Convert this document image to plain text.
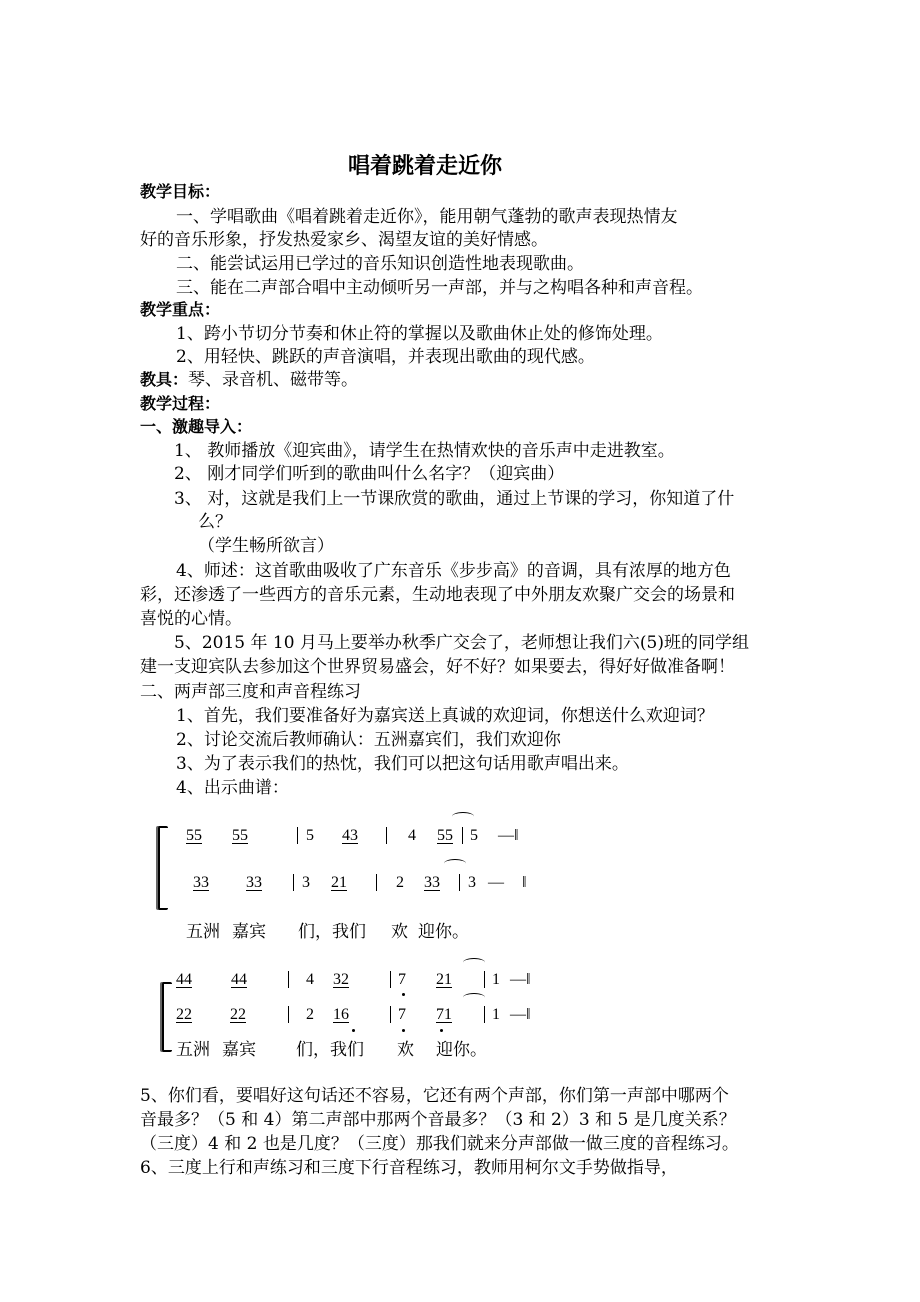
唱着跳着走近你
教学目标：
一、学唱歌曲《唱着跳着走近你》，能用朝气蓬勃的歌声表现热情友
好的音乐形象，抒发热爱家乡、渴望友谊的美好情感。
二、能尝试运用已学过的音乐知识创造性地表现歌曲。
三、能在二声部合唱中主动倾听另一声部，并与之构唱各种和声音程。
教学重点：
1、跨小节切分节奏和休止符的掌握以及歌曲休止处的修饰处理。
2、用轻快、跳跃的声音演唱，并表现出歌曲的现代感。
教具：琴、录音机、磁带等。
教学过程：
一、激趣导入：
1、 教师播放《迎宾曲》，请学生在热情欢快的音乐声中走进教室。
2、 刚才同学们听到的歌曲叫什么名字？（迎宾曲）
3、 对，这就是我们上一节课欣赏的歌曲，通过上节课的学习，你知道了什
么？
（学生畅所欲言）
4、师述：这首歌曲吸收了广东音乐《步步高》的音调，具有浓厚的地方色
彩，还渗透了一些西方的音乐元素，生动地表现了中外朋友欢聚广交会的场景和
喜悦的心情。
5、2015 年 10 月马上要举办秋季广交会了，老师想让我们六(5)班的同学组
建一支迎宾队去参加这个世界贸易盛会，好不好？如果要去，得好好做准备啊！
二、两声部三度和声音程练习
1、首先，我们要准备好为嘉宾送上真诚的欢迎词，你想送什么欢迎词？
2、讨论交流后教师确认：五洲嘉宾们，我们欢迎你
3、为了表示我们的热忱，我们可以把这句话用歌声唱出来。
4、出示曲谱：
55 55	5 43	4 55 5 —‖
33 33	3 21	2 33 3 — ‖
五洲 嘉宾 们，我们 欢 迎你。
44 44	4 32	7 21	1 —‖
22 22	2 16	7 71	1 —‖
五洲 嘉宾 们，我们 欢 迎你。
5、你们看，要唱好这句话还不容易，它还有两个声部，你们第一声部中哪两个
音最多？（5 和 4）第二声部中那两个音最多？（3 和 2）3 和 5 是几度关系？
（三度）4 和 2 也是几度？（三度）那我们就来分声部做一做三度的音程练习。
6、三度上行和声练习和三度下行音程练习，教师用柯尔文手势做指导，
